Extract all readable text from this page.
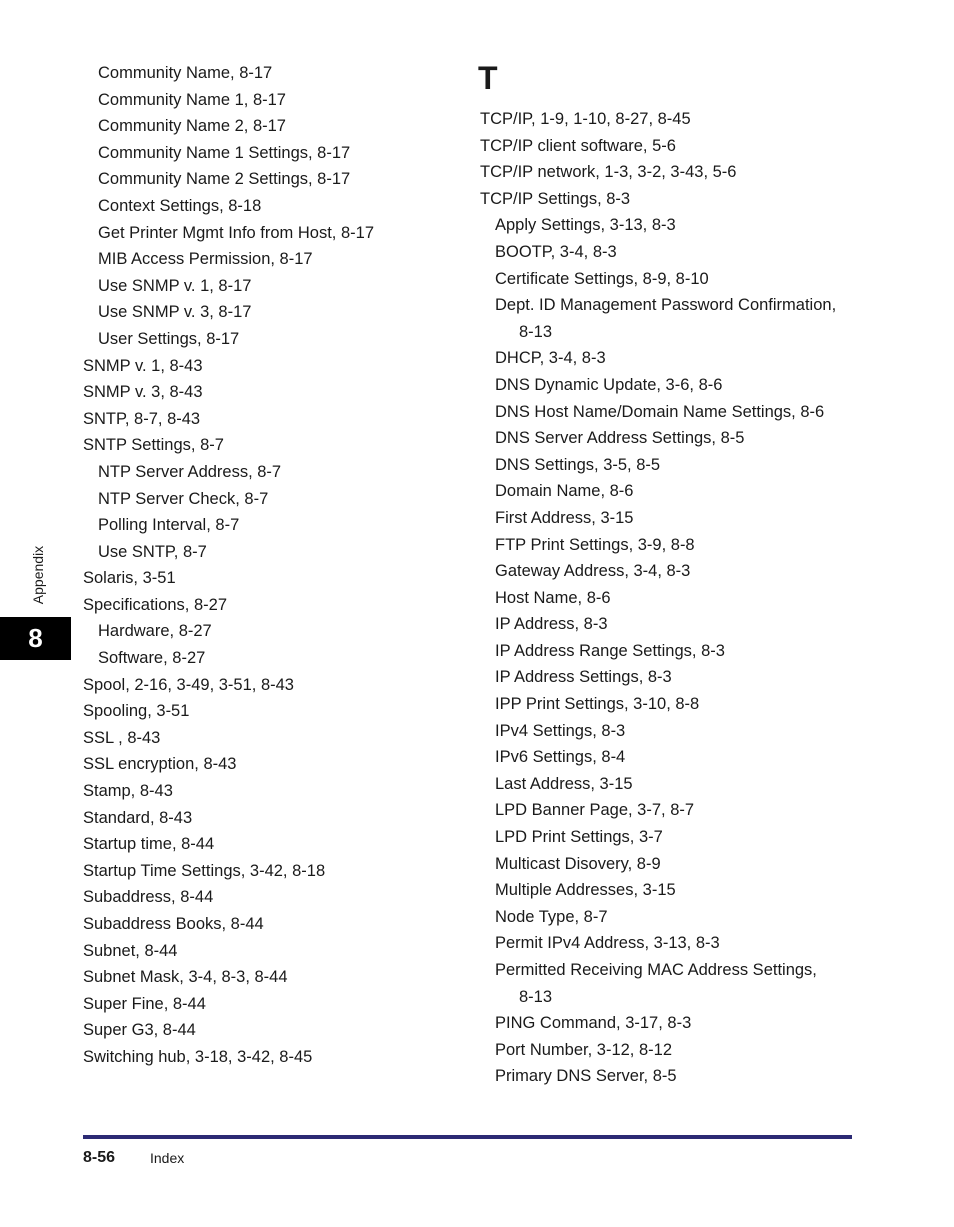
Community Name, 8-17
Community Name 1, 8-17
Community Name 2, 8-17
Community Name 1 Settings, 8-17
Community Name 2 Settings, 8-17
Context Settings, 8-18
Get Printer Mgmt Info from Host, 8-17
MIB Access Permission, 8-17
Use SNMP v. 1, 8-17
Use SNMP v. 3, 8-17
User Settings, 8-17
SNMP v. 1, 8-43
SNMP v. 3, 8-43
SNTP, 8-7, 8-43
SNTP Settings, 8-7
NTP Server Address, 8-7
NTP Server Check, 8-7
Polling Interval, 8-7
Use SNTP, 8-7
Solaris, 3-51
Specifications, 8-27
Hardware, 8-27
Software, 8-27
Spool, 2-16, 3-49, 3-51, 8-43
Spooling, 3-51
SSL , 8-43
SSL encryption, 8-43
Stamp, 8-43
Standard, 8-43
Startup time, 8-44
Startup Time Settings, 3-42, 8-18
Subaddress, 8-44
Subaddress Books, 8-44
Subnet, 8-44
Subnet Mask, 3-4, 8-3, 8-44
Super Fine, 8-44
Super G3, 8-44
Switching hub, 3-18, 3-42, 8-45
T
TCP/IP, 1-9, 1-10, 8-27, 8-45
TCP/IP client software, 5-6
TCP/IP network, 1-3, 3-2, 3-43, 5-6
TCP/IP Settings, 8-3
Apply Settings, 3-13, 8-3
BOOTP, 3-4, 8-3
Certificate Settings, 8-9, 8-10
Dept. ID Management Password Confirmation,
8-13
DHCP, 3-4, 8-3
DNS Dynamic Update, 3-6, 8-6
DNS Host Name/Domain Name Settings, 8-6
DNS Server Address Settings, 8-5
DNS Settings, 3-5, 8-5
Domain Name, 8-6
First Address, 3-15
FTP Print Settings, 3-9, 8-8
Gateway Address, 3-4, 8-3
Host Name, 8-6
IP Address, 8-3
IP Address Range Settings, 8-3
IP Address Settings, 8-3
IPP Print Settings, 3-10, 8-8
IPv4 Settings, 8-3
IPv6 Settings, 8-4
Last Address, 3-15
LPD Banner Page, 3-7, 8-7
LPD Print Settings, 3-7
Multicast Disovery, 8-9
Multiple Addresses, 3-15
Node Type, 8-7
Permit IPv4 Address, 3-13, 8-3
Permitted Receiving MAC Address Settings,
8-13
PING Command, 3-17, 8-3
Port Number, 3-12, 8-12
Primary DNS Server, 8-5
Appendix
8
8-56 Index
